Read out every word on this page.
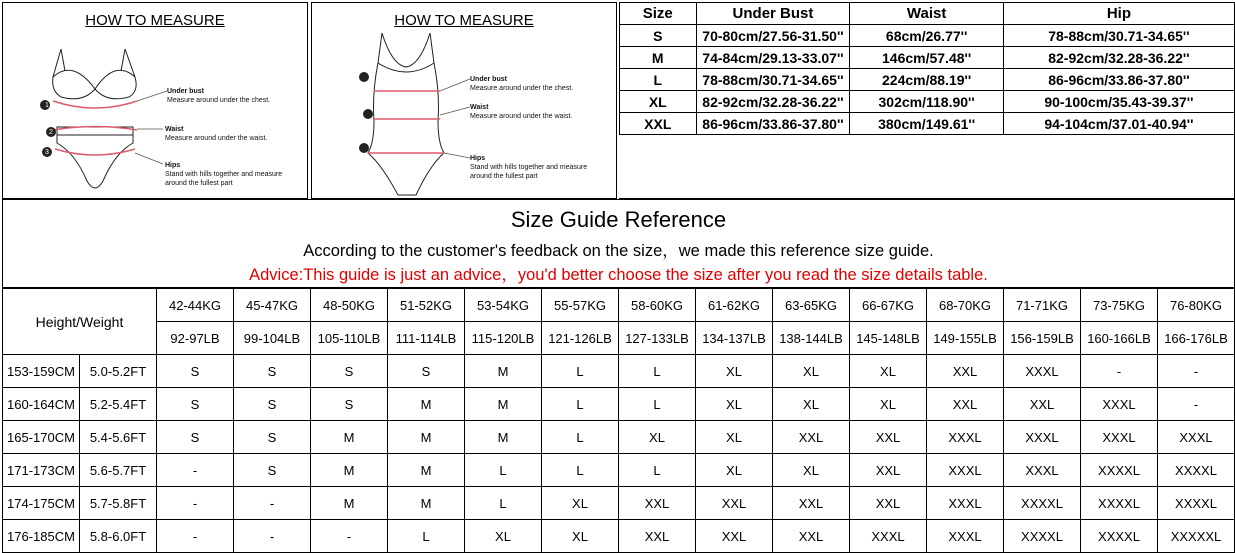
HOW TO MEASURE
1
2
3
Under bust
Measure around under the chest.
Waist
Measure around under the waist.
Hips
Stand with hills together and measure
around the fullest part
HOW TO MEASURE
Under bust
Measure around under the chest.
Waist
Measure around under the waist.
Hips
Stand with hills together and measure
around the fullest part
Size	Under Bust	Waist	Hip
S	70-80cm/27.56-31.50''	68cm/26.77''	78-88cm/30.71-34.65''
M	74-84cm/29.13-33.07''	146cm/57.48''	82-92cm/32.28-36.22''
L	78-88cm/30.71-34.65''	224cm/88.19''	86-96cm/33.86-37.80''
XL	82-92cm/32.28-36.22''	302cm/118.90''	90-100cm/35.43-39.37''
XXL	86-96cm/33.86-37.80''	380cm/149.61''	94-104cm/37.01-40.94''
Size Guide Reference
According to the customer's feedback on the size，we made this reference size guide.
Advice:This guide is just an advice，you'd better choose the size after you read the size details table.
Height/Weight		42-44KG	45-47KG	48-50KG	51-52KG	53-54KG	55-57KG	58-60KG	61-62KG	63-65KG	66-67KG	68-70KG	71-71KG	73-75KG	76-80KG
		92-97LB	99-104LB	105-110LB	111-114LB	115-120LB	121-126LB	127-133LB	134-137LB	138-144LB	145-148LB	149-155LB	156-159LB	160-166LB	166-176LB
153-159CM	5.0-5.2FT	S	S	S	S	M	L	L	XL	XL	XL	XXL	XXXL	-	-
160-164CM	5.2-5.4FT	S	S	S	M	M	L	L	XL	XL	XL	XXL	XXL	XXXL	-
165-170CM	5.4-5.6FT	S	S	M	M	M	L	XL	XL	XXL	XXL	XXXL	XXXL	XXXL	XXXL
171-173CM	5.6-5.7FT	-	S	M	M	L	L	L	XL	XL	XXL	XXXL	XXXL	XXXXL	XXXXL
174-175CM	5.7-5.8FT	-	-	M	M	L	XL	XXL	XXL	XXL	XXL	XXXL	XXXXL	XXXXL	XXXXL
176-185CM	5.8-6.0FT	-	-	-	L	XL	XL	XXL	XXL	XXL	XXXL	XXXL	XXXXL	XXXXL	XXXXXL
